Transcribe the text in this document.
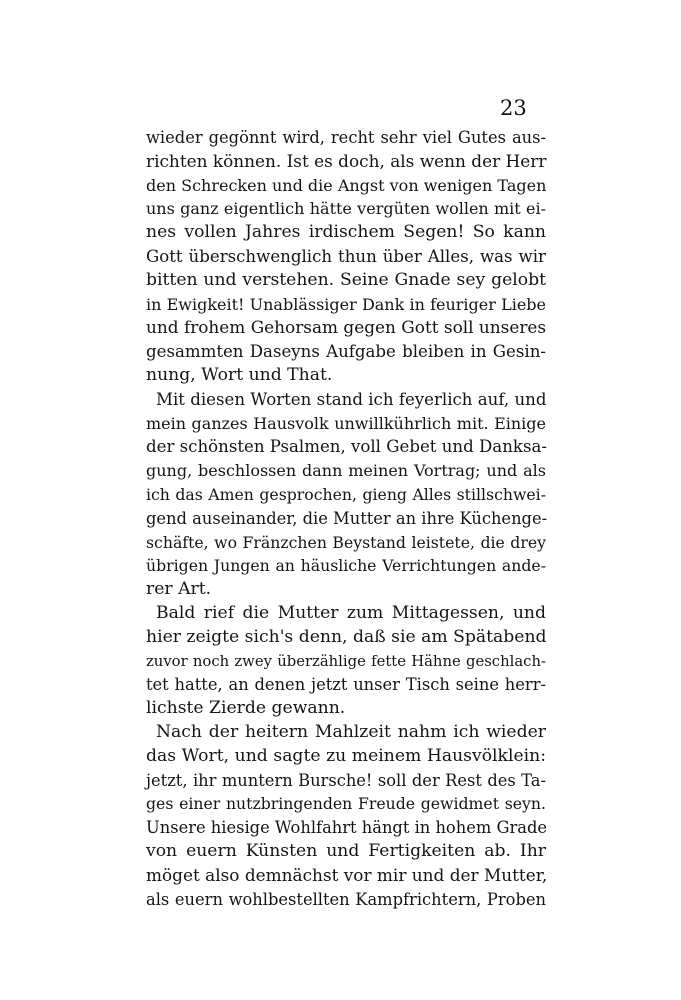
23
wieder gegönnt wird, recht sehr viel Gutes aus-
richten können. Ist es doch, als wenn der Herr
den Schrecken und die Angst von wenigen Tagen
uns ganz eigentlich hätte vergüten wollen mit ei-
nes vollen Jahres irdischem Segen! So kann
Gott überschwenglich thun über Alles, was wir
bitten und verstehen. Seine Gnade sey gelobt
in Ewigkeit! Unablässiger Dank in feuriger Liebe
und frohem Gehorsam gegen Gott soll unseres
gesammten Daseyns Aufgabe bleiben in Gesin-
nung, Wort und That.
Mit diesen Worten stand ich feyerlich auf, und
mein ganzes Hausvolk unwillkührlich mit. Einige
der schönsten Psalmen, voll Gebet und Danksa-
gung, beschlossen dann meinen Vortrag; und als
ich das Amen gesprochen, gieng Alles stillschwei-
gend auseinander, die Mutter an ihre Küchenge-
schäfte, wo Fränzchen Beystand leistete, die drey
übrigen Jungen an häusliche Verrichtungen ande-
rer Art.
Bald rief die Mutter zum Mittagessen, und
hier zeigte sich's denn, daß sie am Spätabend
zuvor noch zwey überzählige fette Hähne geschlach-
tet hatte, an denen jetzt unser Tisch seine herr-
lichste Zierde gewann.
Nach der heitern Mahlzeit nahm ich wieder
das Wort, und sagte zu meinem Hausvölklein:
jetzt, ihr muntern Bursche! soll der Rest des Ta-
ges einer nutzbringenden Freude gewidmet seyn.
Unsere hiesige Wohlfahrt hängt in hohem Grade
von euern Künsten und Fertigkeiten ab. Ihr
möget also demnächst vor mir und der Mutter,
als euern wohlbestellten Kampfrichtern, Proben
